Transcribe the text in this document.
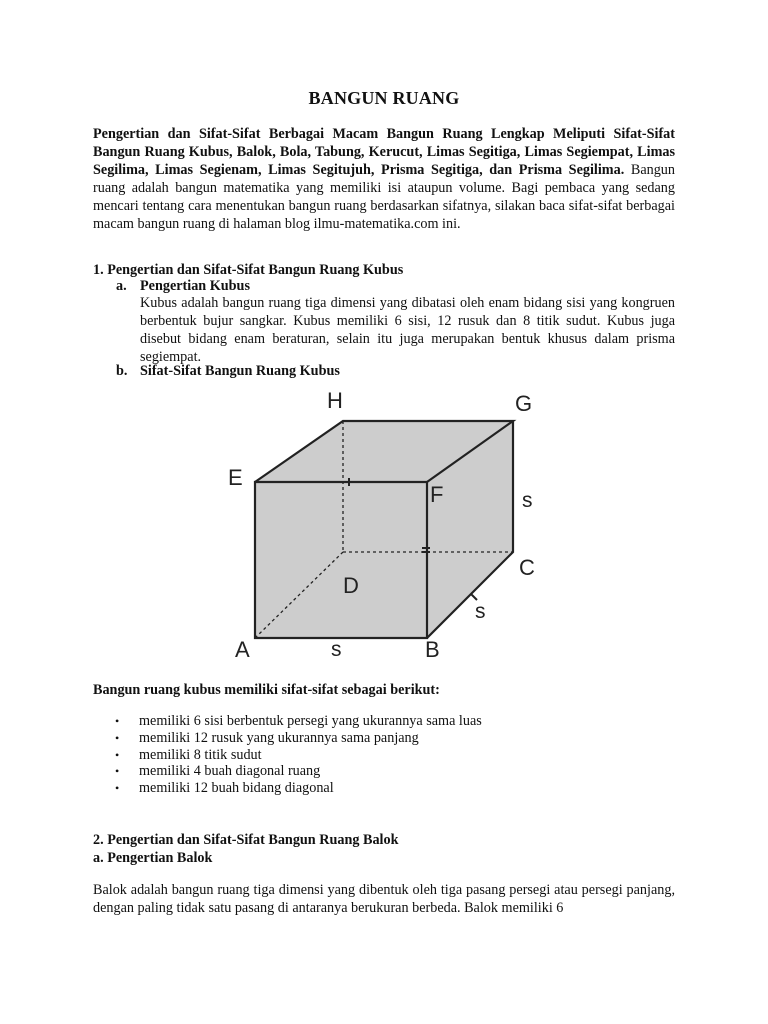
BANGUN RUANG

Pengertian dan Sifat-Sifat Berbagai Macam Bangun Ruang Lengkap Meliputi Sifat-Sifat Bangun Ruang Kubus, Balok, Bola, Tabung, Kerucut, Limas Segitiga, Limas Segiempat, Limas Segilima, Limas Segienam, Limas Segitujuh, Prisma Segitiga, dan Prisma Segilima. Bangun ruang adalah bangun matematika yang memiliki isi ataupun volume. Bagi pembaca yang sedang mencari tentang cara menentukan bangun ruang berdasarkan sifatnya, silakan baca sifat-sifat berbagai macam bangun ruang di halaman blog ilmu-matematika.com ini.

1. Pengertian dan Sifat-Sifat Bangun Ruang Kubus
a. Pengertian Kubus

Kubus adalah bangun ruang tiga dimensi yang dibatasi oleh enam bidang sisi yang kongruen berbentuk bujur sangkar. Kubus memiliki 6 sisi, 12 rusuk dan 8 titik sudut. Kubus juga disebut bidang enam beraturan, selain itu juga merupakan bentuk khusus dalam prisma segiempat.

b. Sifat-Sifat Bangun Ruang Kubus
Bangun ruang kubus memiliki sifat-sifat sebagai berikut:
• memiliki 6 sisi berbentuk persegi yang ukurannya sama luas
• memiliki 12 rusuk yang ukurannya sama panjang
• memiliki 8 titik sudut
• memiliki 4 buah diagonal ruang
• memiliki 12 buah bidang diagonal
2. Pengertian dan Sifat-Sifat Bangun Ruang Balok
a. Pengertian Balok

Balok adalah bangun ruang tiga dimensi yang dibentuk oleh tiga pasang persegi atau persegi panjang, dengan paling tidak satu pasang di antaranya berukuran berbeda. Balok memiliki 6

H	G
E
F
C
D
A	B
s
s
s
